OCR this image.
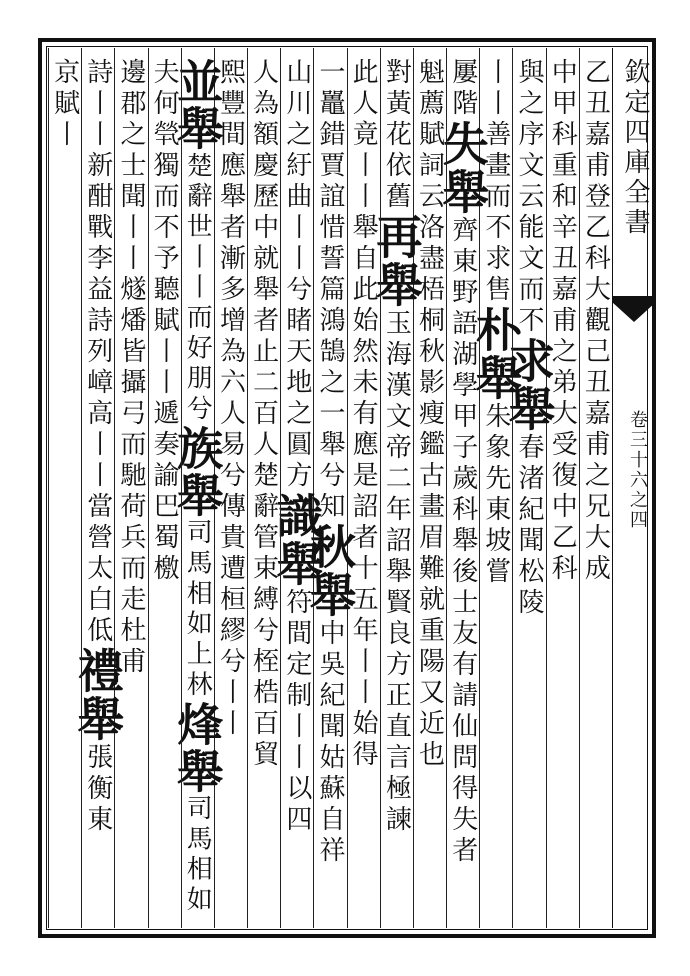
欽定四庫全書
卷三十六之四
乙丑嘉甫登乙科大觀己丑嘉甫之兄大成
中甲科重和辛丑嘉甫之弟大受復中乙科
與之序文云能文而不求舉春渚紀聞松陵
丨丨善畫而不求售朴舉朱象先東坡嘗
屢階失舉齊東野語湖學甲子歲科舉後士友有請仙問得失者
魁薦賦詞云洛盡梧桐秋影瘦鑑古畫眉難就重陽又近也
對黃花依舊再舉玉海漢文帝二年詔舉賢良方正直言極諫
此人竟丨丨舉自此始然未有應是詔者十五年丨丨始得
一鼉錯賈誼惜誓篇鴻鵠之一舉兮知秋舉中吳紀聞姑蘇自祥
山川之紆曲丨丨兮睹天地之圓方識舉符間定制丨丨以四
人為額慶歷中就舉者止二百人楚辭管束縛兮桎梏百貿
熙豐間應舉者漸多增為六人易兮傳貴遭桓繆兮丨丨
並舉楚辭世丨丨而好朋兮族舉司馬相如上林烽舉司馬相如
夫何煢獨而不予聽賦丨丨遞奏諭巴蜀檄
邊郡之士聞丨丨燧燔皆攝弓而馳荷兵而走杜甫
詩丨丨新酣戰李益詩列嶂高丨丨當營太白低禮舉張衡東
京賦丨
